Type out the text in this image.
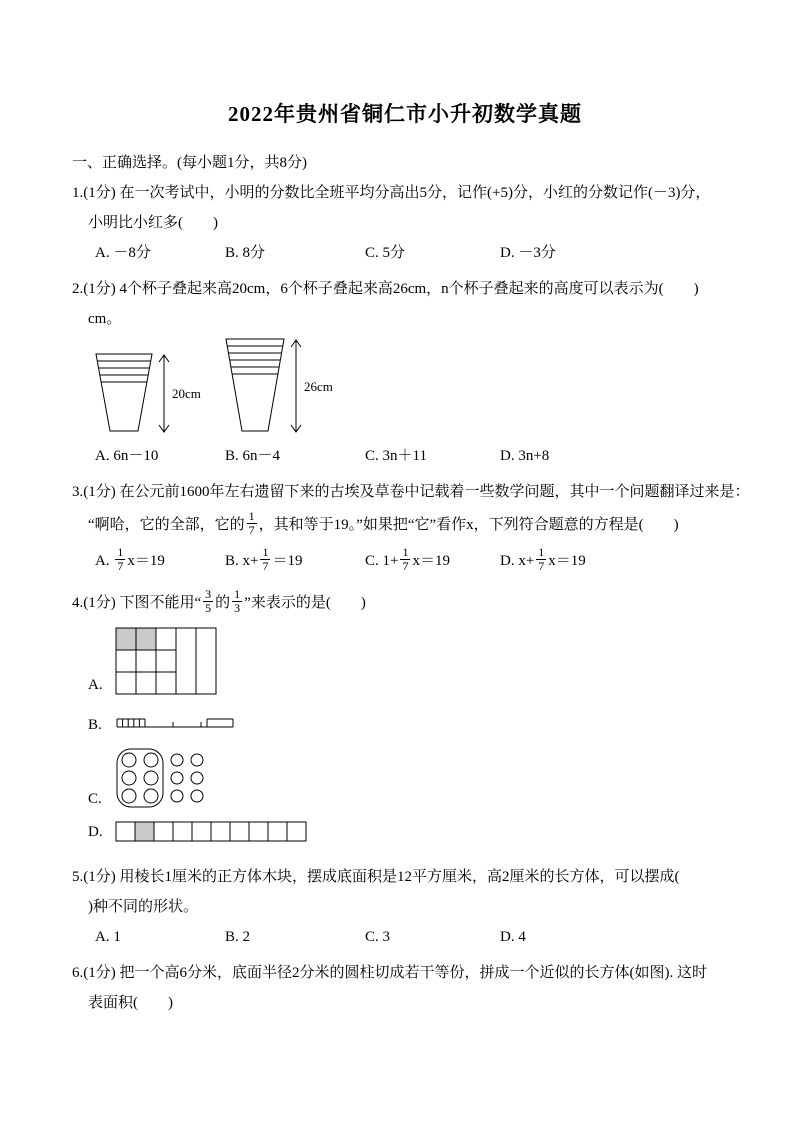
2022年贵州省铜仁市小升初数学真题
一、正确选择。(每小题1分，共8分)
1.(1分) 在一次考试中，小明的分数比全班平均分高出5分，记作(+5)分，小红的分数记作(－3)分，
小明比小红多(　　)
A. －8分	B. 8分	C. 5分	D. －3分
2.(1分) 4个杯子叠起来高20cm，6个杯子叠起来高26cm，n个杯子叠起来的高度可以表示为(　　)
cm。
20cm	26cm
A. 6n－10	B. 6n－4	C. 3n＋11	D. 3n+8
3.(1分) 在公元前1600年左右遗留下来的古埃及草卷中记载着一些数学问题，其中一个问题翻译过来是：
“啊哈，它的全部，它的 $\frac{1}{7}$ ，其和等于19。”如果把“它”看作x，下列符合题意的方程是(　　)
A. $\frac{1}{7} x=19$	B. $x+ \frac{1}{7} =19$	C. $1+ \frac{1}{7} x=19$	D. $x+ \frac{1}{7} x=19$
4.(1分) 下图不能用“ $\frac{3}{5}$ 的 $\frac{1}{3}$ ”来表示的是(　　)
A.
B.
C.
D.
5.(1分) 用棱长1厘米的正方体木块，摆成底面积是12平方厘米，高2厘米的长方体，可以摆成(
)种不同的形状。
A. 1	B. 2	C. 3	D. 4
6.(1分) 把一个高6分米，底面半径2分米的圆柱切成若干等份，拼成一个近似的长方体(如图). 这时
表面积(　　)
